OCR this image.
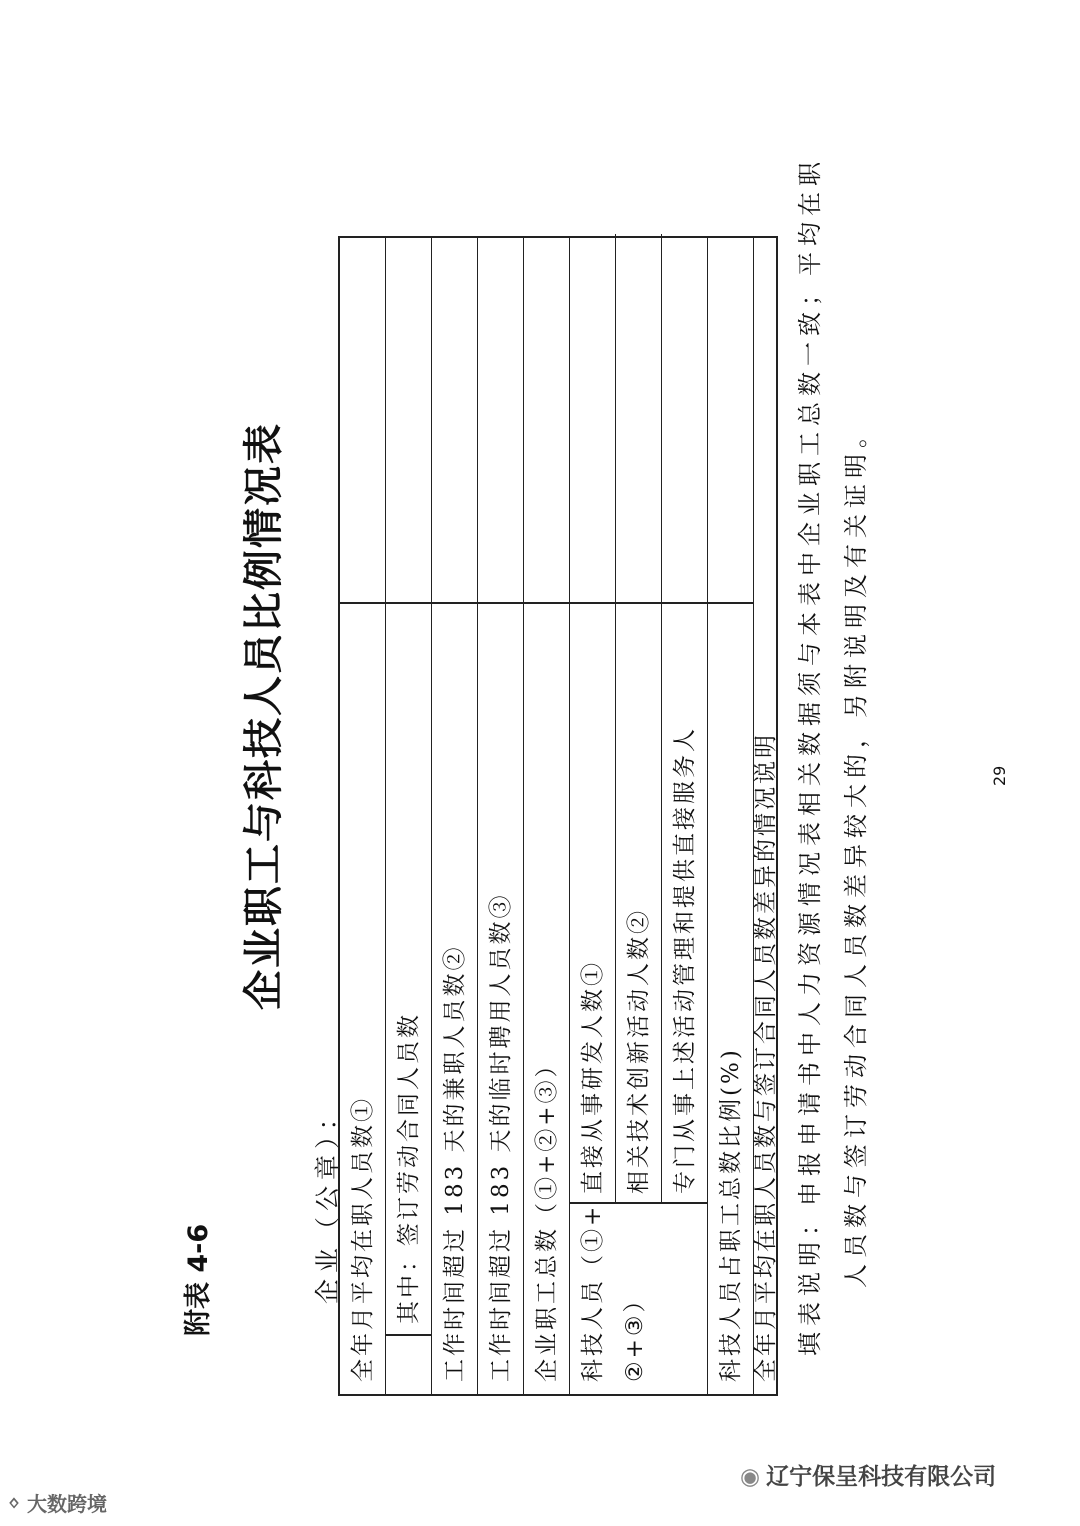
附表 4-6
企业职工与科技人员比例情况表
企业（公章）： 全年月平均在职人员数① 其中：签订劳动合同人员数 工作时间超过 183 天的兼职人员数② 工作时间超过 183 天的临时聘用人员数③ 企业职工总数（①+②+③） 直接从事研发人数① 相关技术创新活动人数② 专门从事上述活动管理和提供直接服务人
科技人员占职工总数比例(%) 全年月平均在职人员数与签订合同人员数差异的情况说明
科技人员（①+ ②+③）	填表说明：申报申请书中人力资源情况表相关数据须与本表中企业职工总数一致；平均在职 人员数与签订劳动合同人员数差异较大的，另附说明及有关证明。	29
ᛜ 大数跨境
◉ 辽宁保呈科技有限公司
